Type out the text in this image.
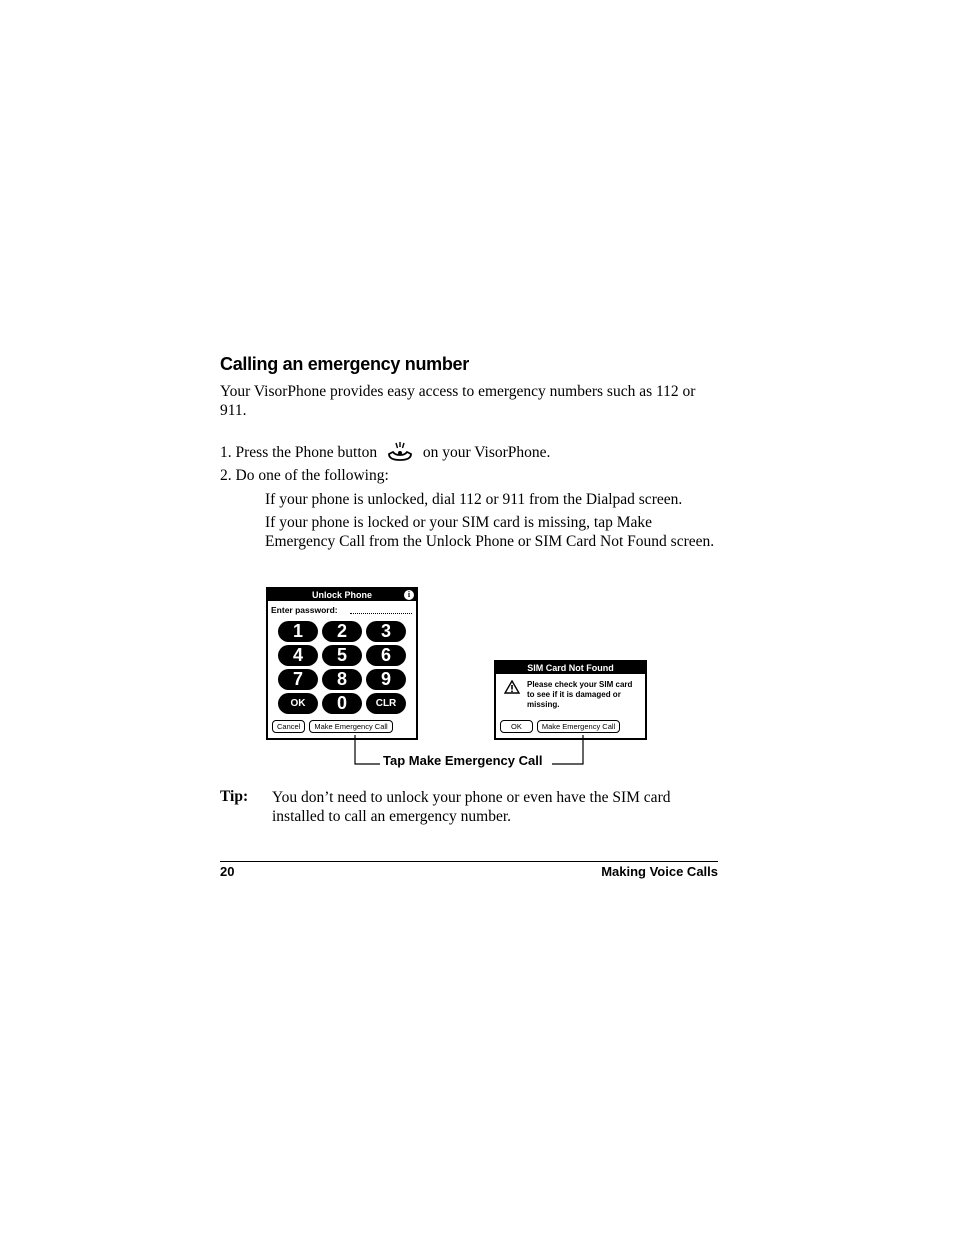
Calling an emergency number
Your VisorPhone provides easy access to emergency numbers such as 112 or 911.
1. Press the Phone button	on your VisorPhone.
2. Do one of the following:
If your phone is unlocked, dial 112 or 911 from the Dialpad screen.
If your phone is locked or your SIM card is missing, tap Make Emergency Call from the Unlock Phone or SIM Card Not Found screen.
Unlock Phone	i
Enter password:
1	2	3
4	5	6
7	8	9
OK	0	CLR
Cancel	Make Emergency Call
SIM Card Not Found
Please check your SIM card to see if it is damaged or missing.
OK	Make Emergency Call
Tap Make Emergency Call
Tip: You don’t need to unlock your phone or even have the SIM card installed to call an emergency number.
20	Making Voice Calls
